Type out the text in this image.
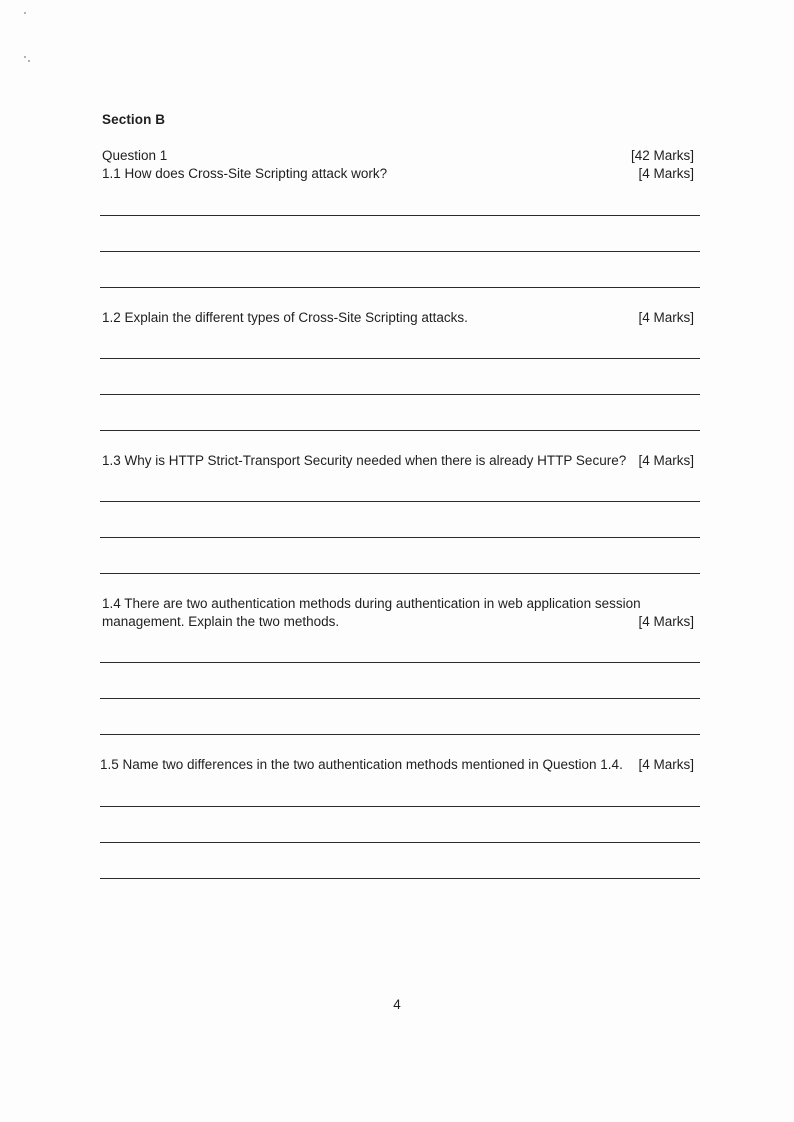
Section B
Question 1	[42 Marks]
1.1 How does Cross-Site Scripting attack work?	[4 Marks]
1.2 Explain the different types of Cross-Site Scripting attacks.	[4 Marks]
1.3 Why is HTTP Strict-Transport Security needed when there is already HTTP Secure? [4 Marks]
1.4 There are two authentication methods during authentication in web application session
management. Explain the two methods.	[4 Marks]
1.5 Name two differences in the two authentication methods mentioned in Question 1.4. [4 Marks]
4
